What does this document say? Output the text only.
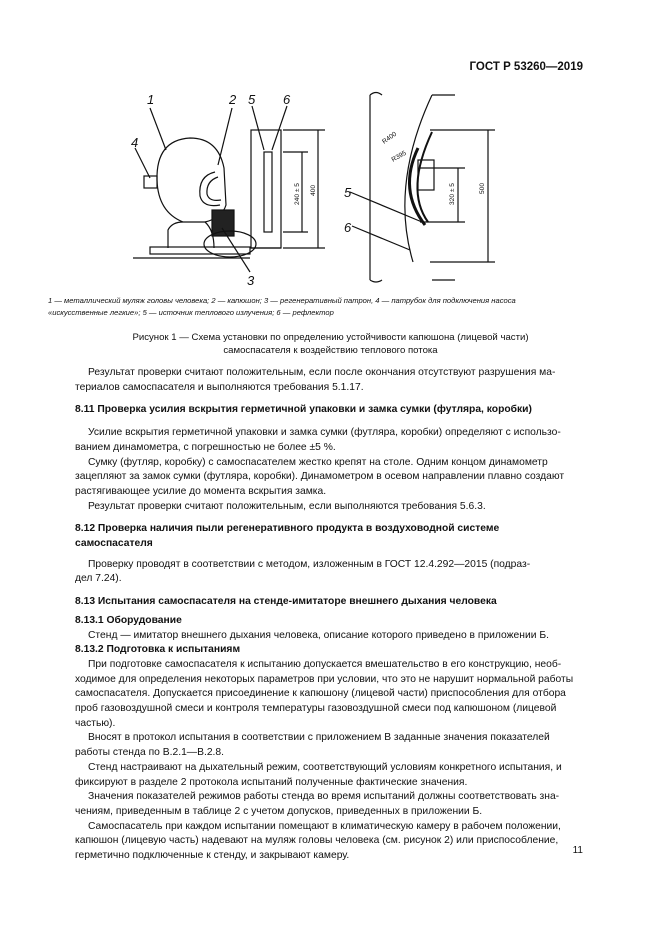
ГОСТ Р 53260—2019
1	2
4
5 6
3
5
6
240 ± 5 400
R400
R395
320 ± 5	500
1 — металлический муляж головы человека; 2 — капюшон; 3 — регенеративный патрон, 4 — патрубок для подключения насоса
«искусственные легкие»; 5 — источник теплового излучения; 6 — рефлектор
Рисунок 1 — Схема установки по определению устойчивости капюшона (лицевой части)
самоспасателя к воздействию теплового потока
Результат проверки считают положительным, если после окончания отсутствуют разрушения ма-
териалов самоспасателя и выполняются требования 5.1.17.
8.11 Проверка усилия вскрытия герметичной упаковки и замка сумки (футляра, коробки)
Усилие вскрытия герметичной упаковки и замка сумки (футляра, коробки) определяют с использо-
ванием динамометра, с погрешностью не более ±5 %.
Сумку (футляр, коробку) с самоспасателем жестко крепят на столе. Одним концом динамометр
зацепляют за замок сумки (футляра, коробки). Динамометром в осевом направлении плавно создают
растягивающее усилие до момента вскрытия замка.
Результат проверки считают положительным, если выполняются требования 5.6.3.
8.12 Проверка наличия пыли регенеративного продукта в воздуховодной системе
самоспасателя
Проверку проводят в соответствии с методом, изложенным в ГОСТ 12.4.292—2015 (подраз-
дел 7.24).
8.13 Испытания самоспасателя на стенде-имитаторе внешнего дыхания человека
8.13.1 Оборудование
Стенд — имитатор внешнего дыхания человека, описание которого приведено в приложении Б.
8.13.2 Подготовка к испытаниям
При подготовке самоспасателя к испытанию допускается вмешательство в его конструкцию, необ-
ходимое для определения некоторых параметров при условии, что это не нарушит нормальной работы
самоспасателя. Допускается присоединение к капюшону (лицевой части) приспособления для отбора
проб газовоздушной смеси и контроля температуры газовоздушной смеси под капюшоном (лицевой
частью).
Вносят в протокол испытания в соответствии с приложением В заданные значения показателей
работы стенда по В.2.1—В.2.8.
Стенд настраивают на дыхательный режим, соответствующий условиям конкретного испытания, и
фиксируют в разделе 2 протокола испытаний полученные фактические значения.
Значения показателей режимов работы стенда во время испытаний должны соответствовать зна-
чениям, приведенным в таблице 2 с учетом допусков, приведенных в приложении Б.
Самоспасатель при каждом испытании помещают в климатическую камеру в рабочем положении,
капюшон (лицевую часть) надевают на муляж головы человека (см. рисунок 2) или приспособление,
герметично подключенные к стенду, и закрывают камеру.	11
